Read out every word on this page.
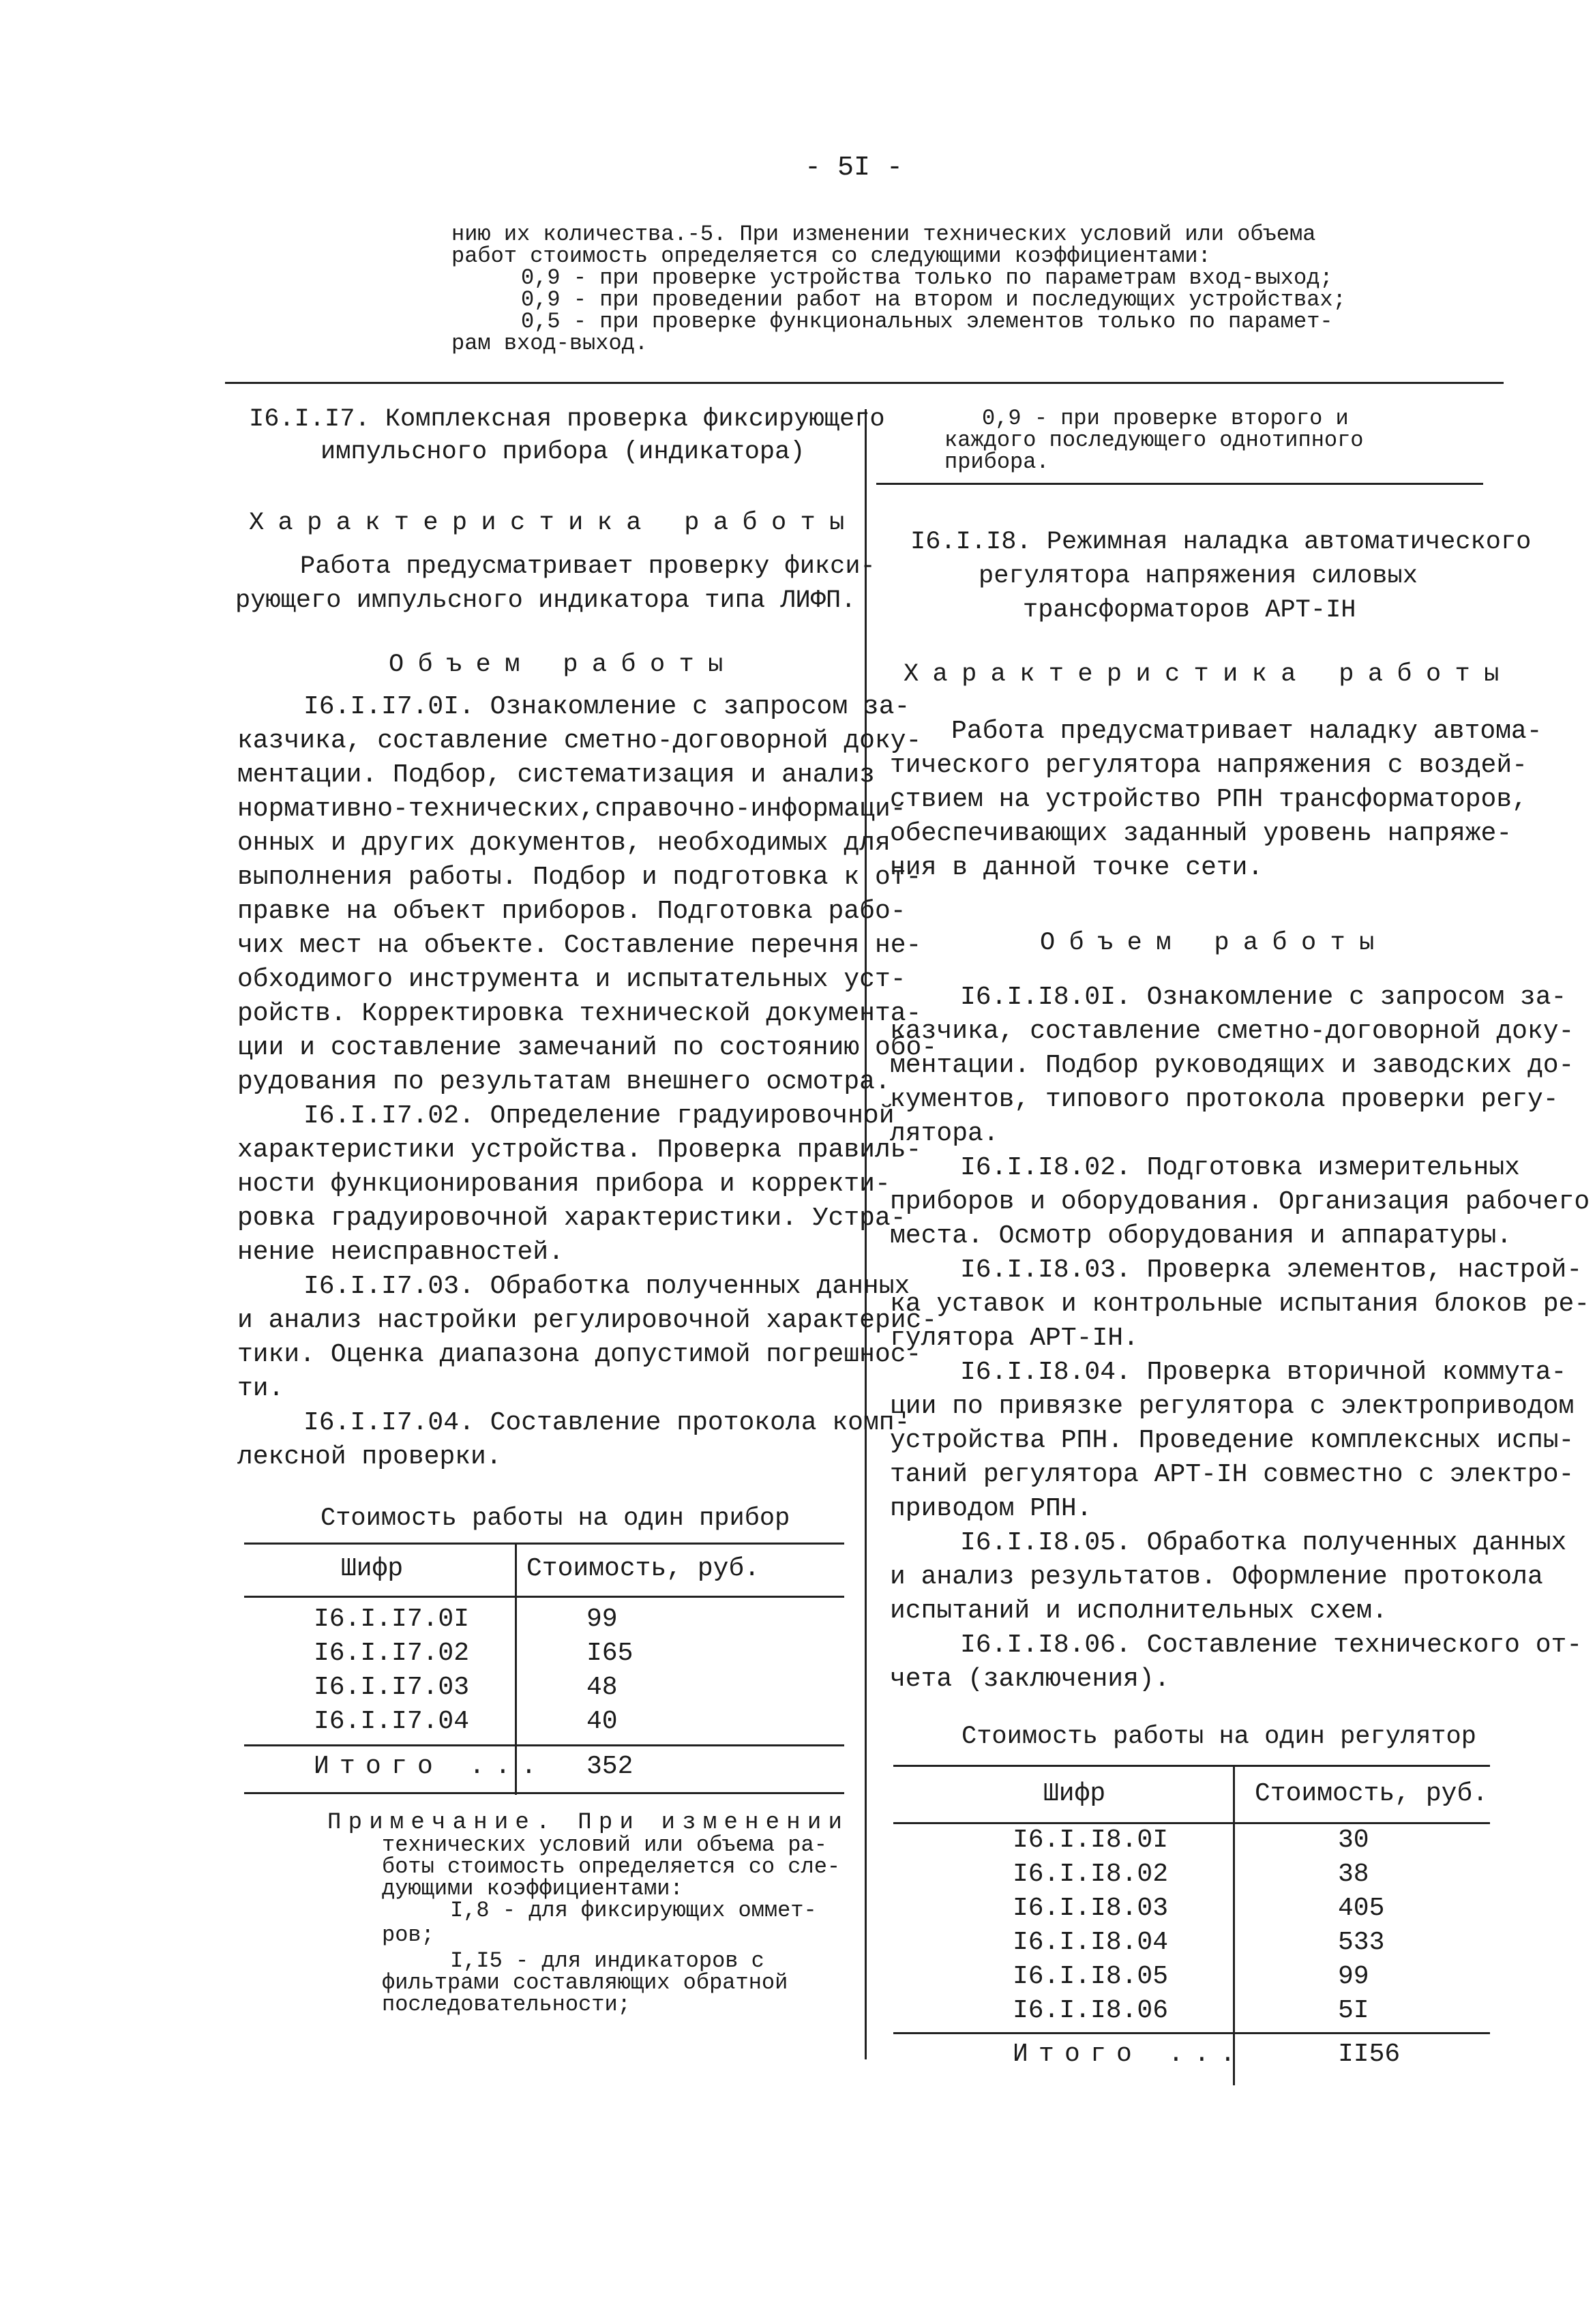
- 5I -
нию их количества.-5. При изменении технических условий или объема
работ стоимость определяется со следующими коэффициентами:
0,9 - при проверке устройства только по параметрам вход-выход;
0,9 - при проведении работ на втором и последующих устройствах;
0,5 - при проверке функциональных элементов только по парамет-
рам вход-выход.
I6.I.I7. Комплексная проверка фиксирующего
импульсного прибора (индикатора)
Характеристика работы
Работа предусматривает проверку фикси-
рующего импульсного индикатора типа ЛИФП.
Объем работы
I6.I.I7.0I. Ознакомление с запросом за-
казчика, составление сметно-договорной доку-
ментации. Подбор, систематизация и анализ
нормативно-технических,справочно-информаци-
онных и других документов, необходимых для
выполнения работы. Подбор и подготовка к от-
правке на объект приборов. Подготовка рабо-
чих мест на объекте. Составление перечня не-
обходимого инструмента и испытательных уст-
ройств. Корректировка технической документа-
ции и составление замечаний по состоянию обо-
рудования по результатам внешнего осмотра.
I6.I.I7.02. Определение градуировочной
характеристики устройства. Проверка правиль-
ности функционирования прибора и корректи-
ровка градуировочной характеристики. Устра-
нение неисправностей.
I6.I.I7.03. Обработка полученных данных
и анализ настройки регулировочной характерис-
тики. Оценка диапазона допустимой погрешнос-
ти.
I6.I.I7.04. Составление протокола комп-
лексной проверки.
Стоимость работы на один прибор
Шифр	Стоимость, руб.
I6.I.I7.0I	99
I6.I.I7.02	I65
I6.I.I7.03	48
I6.I.I7.04	40
Итого ... 352
Примечание. При изменении
технических условий или объема ра-
боты стоимость определяется со сле-
дующими коэффициентами:
I,8 - для фиксирующих оммет-
ров;
I,I5 - для индикаторов с
фильтрами составляющих обратной
последовательности;
0,9 - при проверке второго и
каждого последующего однотипного
прибора.
I6.I.I8. Режимная наладка автоматического
регулятора напряжения силовых
трансформаторов АРТ-IН
Характеристика работы
Работа предусматривает наладку автома-
тического регулятора напряжения с воздей-
ствием на устройство РПН трансформаторов,
обеспечивающих заданный уровень напряже-
ния в данной точке сети.
Объем работы
I6.I.I8.0I. Ознакомление с запросом за-
казчика, составление сметно-договорной доку-
ментации. Подбор руководящих и заводских до-
кументов, типового протокола проверки регу-
лятора.
I6.I.I8.02. Подготовка измерительных
приборов и оборудования. Организация рабочего
места. Осмотр оборудования и аппаратуры.
I6.I.I8.03. Проверка элементов, настрой-
ка уставок и контрольные испытания блоков ре-
гулятора АРТ-IН.
I6.I.I8.04. Проверка вторичной коммута-
ции по привязке регулятора с электроприводом
устройства РПН. Проведение комплексных испы-
таний регулятора АРТ-IН совместно с электро-
приводом РПН.
I6.I.I8.05. Обработка полученных данных
и анализ результатов. Оформление протокола
испытаний и исполнительных схем.
I6.I.I8.06. Составление технического от-
чета (заключения).
Стоимость работы на один регулятор
Шифр	Стоимость, руб.
I6.I.I8.0I	30
I6.I.I8.02	38
I6.I.I8.03	405
I6.I.I8.04	533
I6.I.I8.05	99
I6.I.I8.06	5I
Итого ...	II56
